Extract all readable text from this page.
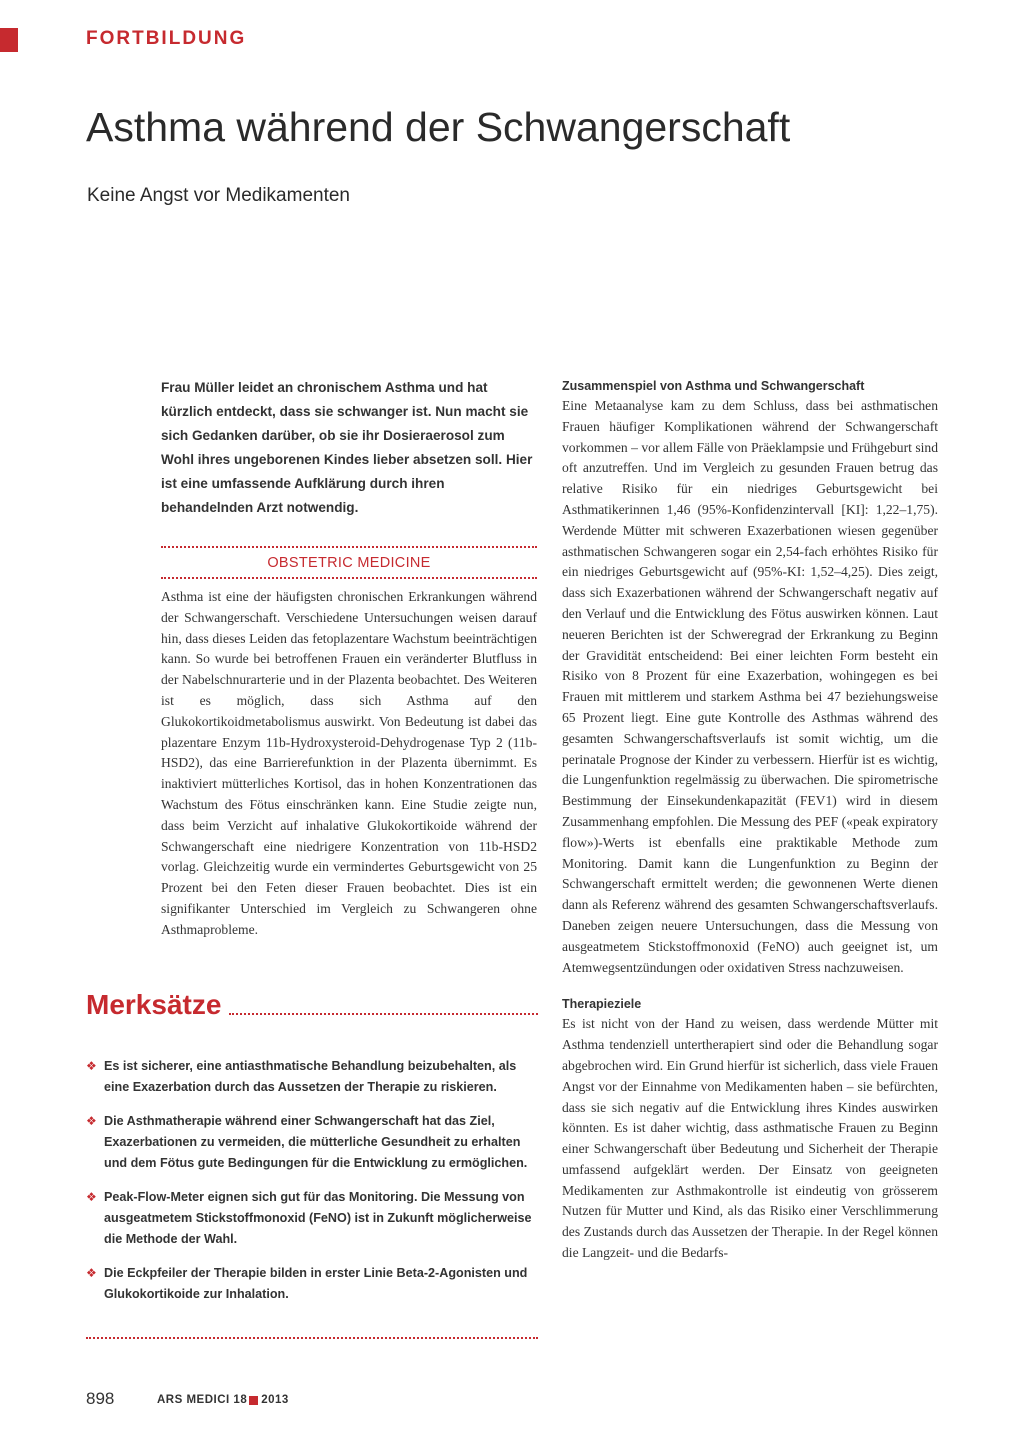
FORTBILDUNG
Asthma während der Schwangerschaft
Keine Angst vor Medikamenten

Frau Müller leidet an chronischem Asthma und hat kürzlich entdeckt, dass sie schwanger ist. Nun macht sie sich Gedanken darüber, ob sie ihr Dosieraerosol zum Wohl ihres ungeborenen Kindes lieber absetzen soll. Hier ist eine umfassende Aufklärung durch ihren behandelnden Arzt notwendig.

OBSTETRIC MEDICINE

Asthma ist eine der häufigsten chronischen Erkrankungen während der Schwangerschaft. Verschiedene Untersuchungen weisen darauf hin, dass dieses Leiden das fetoplazentare Wachstum beeinträchtigen kann. So wurde bei betroffenen Frauen ein veränderter Blutfluss in der Nabelschnurarterie und in der Plazenta beobachtet. Des Weiteren ist es möglich, dass sich Asthma auf den Glukokortikoidmetabolismus auswirkt. Von Bedeutung ist dabei das plazentare Enzym 11b-Hydroxysteroid-Dehydrogenase Typ 2 (11b-HSD2), das eine Barrierefunktion in der Plazenta übernimmt. Es inaktiviert mütterliches Kortisol, das in hohen Konzentrationen das Wachstum des Fötus einschränken kann. Eine Studie zeigte nun, dass beim Verzicht auf inhalative Glukokortikoide während der Schwangerschaft eine niedrigere Konzentration von 11b-HSD2 vorlag. Gleichzeitig wurde ein vermindertes Geburtsgewicht von 25 Prozent bei den Feten dieser Frauen beobachtet. Dies ist ein signifikanter Unterschied im Vergleich zu Schwangeren ohne Asthmaprobleme.

Merksätze
❖ Es ist sicherer, eine antiasthmatische Behandlung beizubehalten, als eine Exazerbation durch das Aussetzen der Therapie zu riskieren.
❖ Die Asthmatherapie während einer Schwangerschaft hat das Ziel, Exazerbationen zu vermeiden, die mütterliche Gesundheit zu erhalten und dem Fötus gute Bedingungen für die Entwicklung zu ermöglichen.
❖ Peak-Flow-Meter eignen sich gut für das Monitoring. Die Messung von ausgeatmetem Stickstoffmonoxid (FeNO) ist in Zukunft möglicherweise die Methode der Wahl.
❖ Die Eckpfeiler der Therapie bilden in erster Linie Beta-2-Agonisten und Glukokortikoide zur Inhalation.
Zusammenspiel von Asthma und Schwangerschaft

Eine Metaanalyse kam zu dem Schluss, dass bei asthmatischen Frauen häufiger Komplikationen während der Schwangerschaft vorkommen – vor allem Fälle von Präeklampsie und Frühgeburt sind oft anzutreffen. Und im Vergleich zu gesunden Frauen betrug das relative Risiko für ein niedriges Geburtsgewicht bei Asthmatikerinnen 1,46 (95%-Konfidenzintervall [KI]: 1,22–1,75). Werdende Mütter mit schweren Exazerbationen wiesen gegenüber asthmatischen Schwangeren sogar ein 2,54-fach erhöhtes Risiko für ein niedriges Geburtsgewicht auf (95%-KI: 1,52–4,25). Dies zeigt, dass sich Exazerbationen während der Schwangerschaft negativ auf den Verlauf und die Entwicklung des Fötus auswirken können. Laut neueren Berichten ist der Schweregrad der Erkrankung zu Beginn der Gravidität entscheidend: Bei einer leichten Form besteht ein Risiko von 8 Prozent für eine Exazerbation, wohingegen es bei Frauen mit mittlerem und starkem Asthma bei 47 beziehungsweise 65 Prozent liegt. Eine gute Kontrolle des Asthmas während des gesamten Schwangerschaftsverlaufs ist somit wichtig, um die perinatale Prognose der Kinder zu verbessern. Hierfür ist es wichtig, die Lungenfunktion regelmässig zu überwachen. Die spirometrische Bestimmung der Einsekundenkapazität (FEV1) wird in diesem Zusammenhang empfohlen. Die Messung des PEF («peak expiratory flow»)-Werts ist ebenfalls eine praktikable Methode zum Monitoring. Damit kann die Lungenfunktion zu Beginn der Schwangerschaft ermittelt werden; die gewonnenen Werte dienen dann als Referenz während des gesamten Schwangerschaftsverlaufs. Daneben zeigen neuere Untersuchungen, dass die Messung von ausgeatmetem Stickstoffmonoxid (FeNO) auch geeignet ist, um Atemwegsentzündungen oder oxidativen Stress nachzuweisen.

Therapieziele

Es ist nicht von der Hand zu weisen, dass werdende Mütter mit Asthma tendenziell untertherapiert sind oder die Behandlung sogar abgebrochen wird. Ein Grund hierfür ist sicherlich, dass viele Frauen Angst vor der Einnahme von Medikamenten haben – sie befürchten, dass sie sich negativ auf die Entwicklung ihres Kindes auswirken könnten. Es ist daher wichtig, dass asthmatische Frauen zu Beginn einer Schwangerschaft über Bedeutung und Sicherheit der Therapie umfassend aufgeklärt werden. Der Einsatz von geeigneten Medikamenten zur Asthmakontrolle ist eindeutig von grösserem Nutzen für Mutter und Kind, als das Risiko einer Verschlimmerung des Zustands durch das Aussetzen der Therapie. In der Regel können die Langzeit- und die Bedarfs-

898	ARS MEDICI 18 2013
